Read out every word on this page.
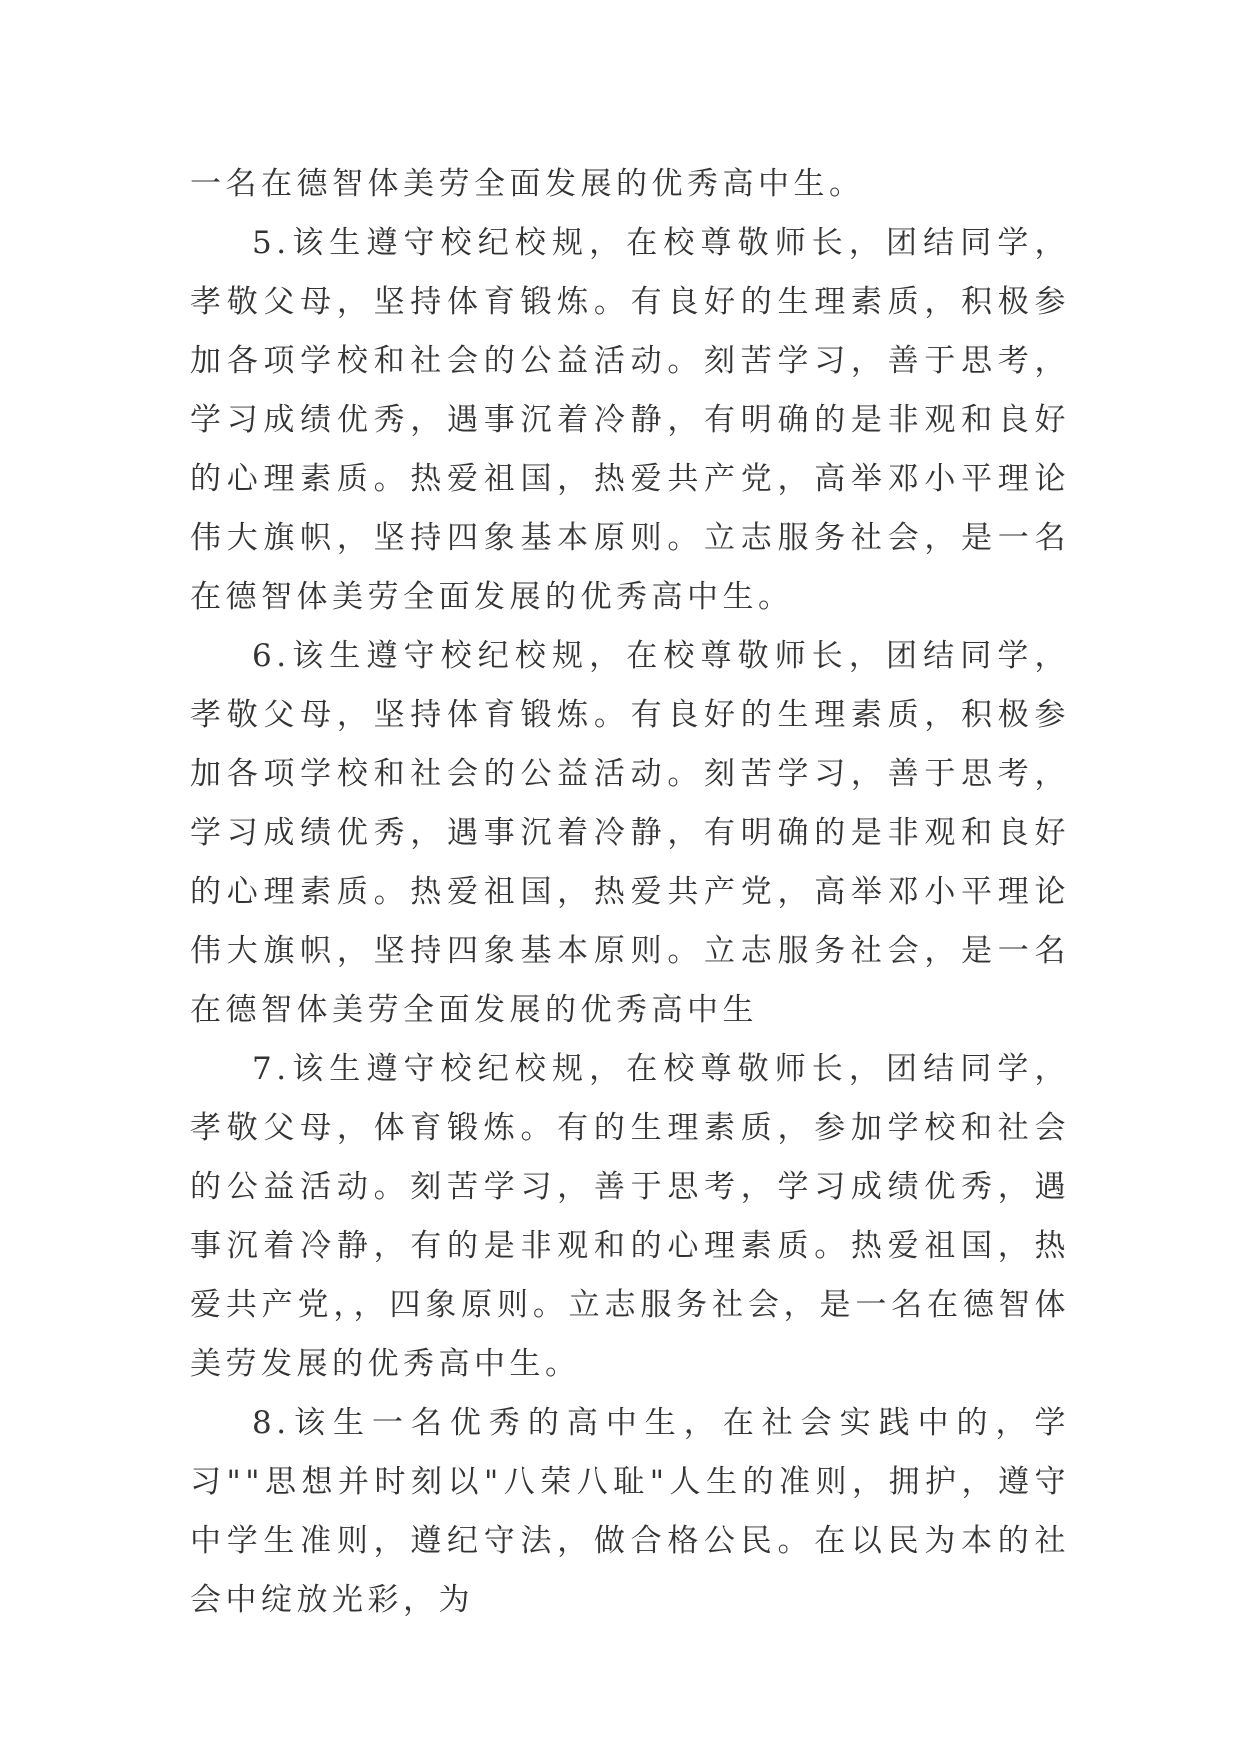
一名在德智体美劳全面发展的优秀高中生。

5.该生遵守校纪校规，在校尊敬师长，团结同学，孝敬父母，坚持体育锻炼。有良好的生理素质，积极参加各项学校和社会的公益活动。刻苦学习，善于思考，学习成绩优秀，遇事沉着冷静，有明确的是非观和良好的心理素质。热爱祖国，热爱共产党，高举邓小平理论伟大旗帜，坚持四象基本原则。立志服务社会，是一名在德智体美劳全面发展的优秀高中生。

6.该生遵守校纪校规，在校尊敬师长，团结同学，孝敬父母，坚持体育锻炼。有良好的生理素质，积极参加各项学校和社会的公益活动。刻苦学习，善于思考，学习成绩优秀，遇事沉着冷静，有明确的是非观和良好的心理素质。热爱祖国，热爱共产党，高举邓小平理论伟大旗帜，坚持四象基本原则。立志服务社会，是一名在德智体美劳全面发展的优秀高中生

7.该生遵守校纪校规，在校尊敬师长，团结同学，孝敬父母，体育锻炼。有的生理素质，参加学校和社会的公益活动。刻苦学习，善于思考，学习成绩优秀，遇事沉着冷静，有的是非观和的心理素质。热爱祖国，热爱共产党，，四象原则。立志服务社会，是一名在德智体美劳发展的优秀高中生。

8.该生一名优秀的高中生，在社会实践中的，学习""思想并时刻以"八荣八耻"人生的准则，拥护，遵守中学生准则，遵纪守法，做合格公民。在以民为本的社会中绽放光彩，为
